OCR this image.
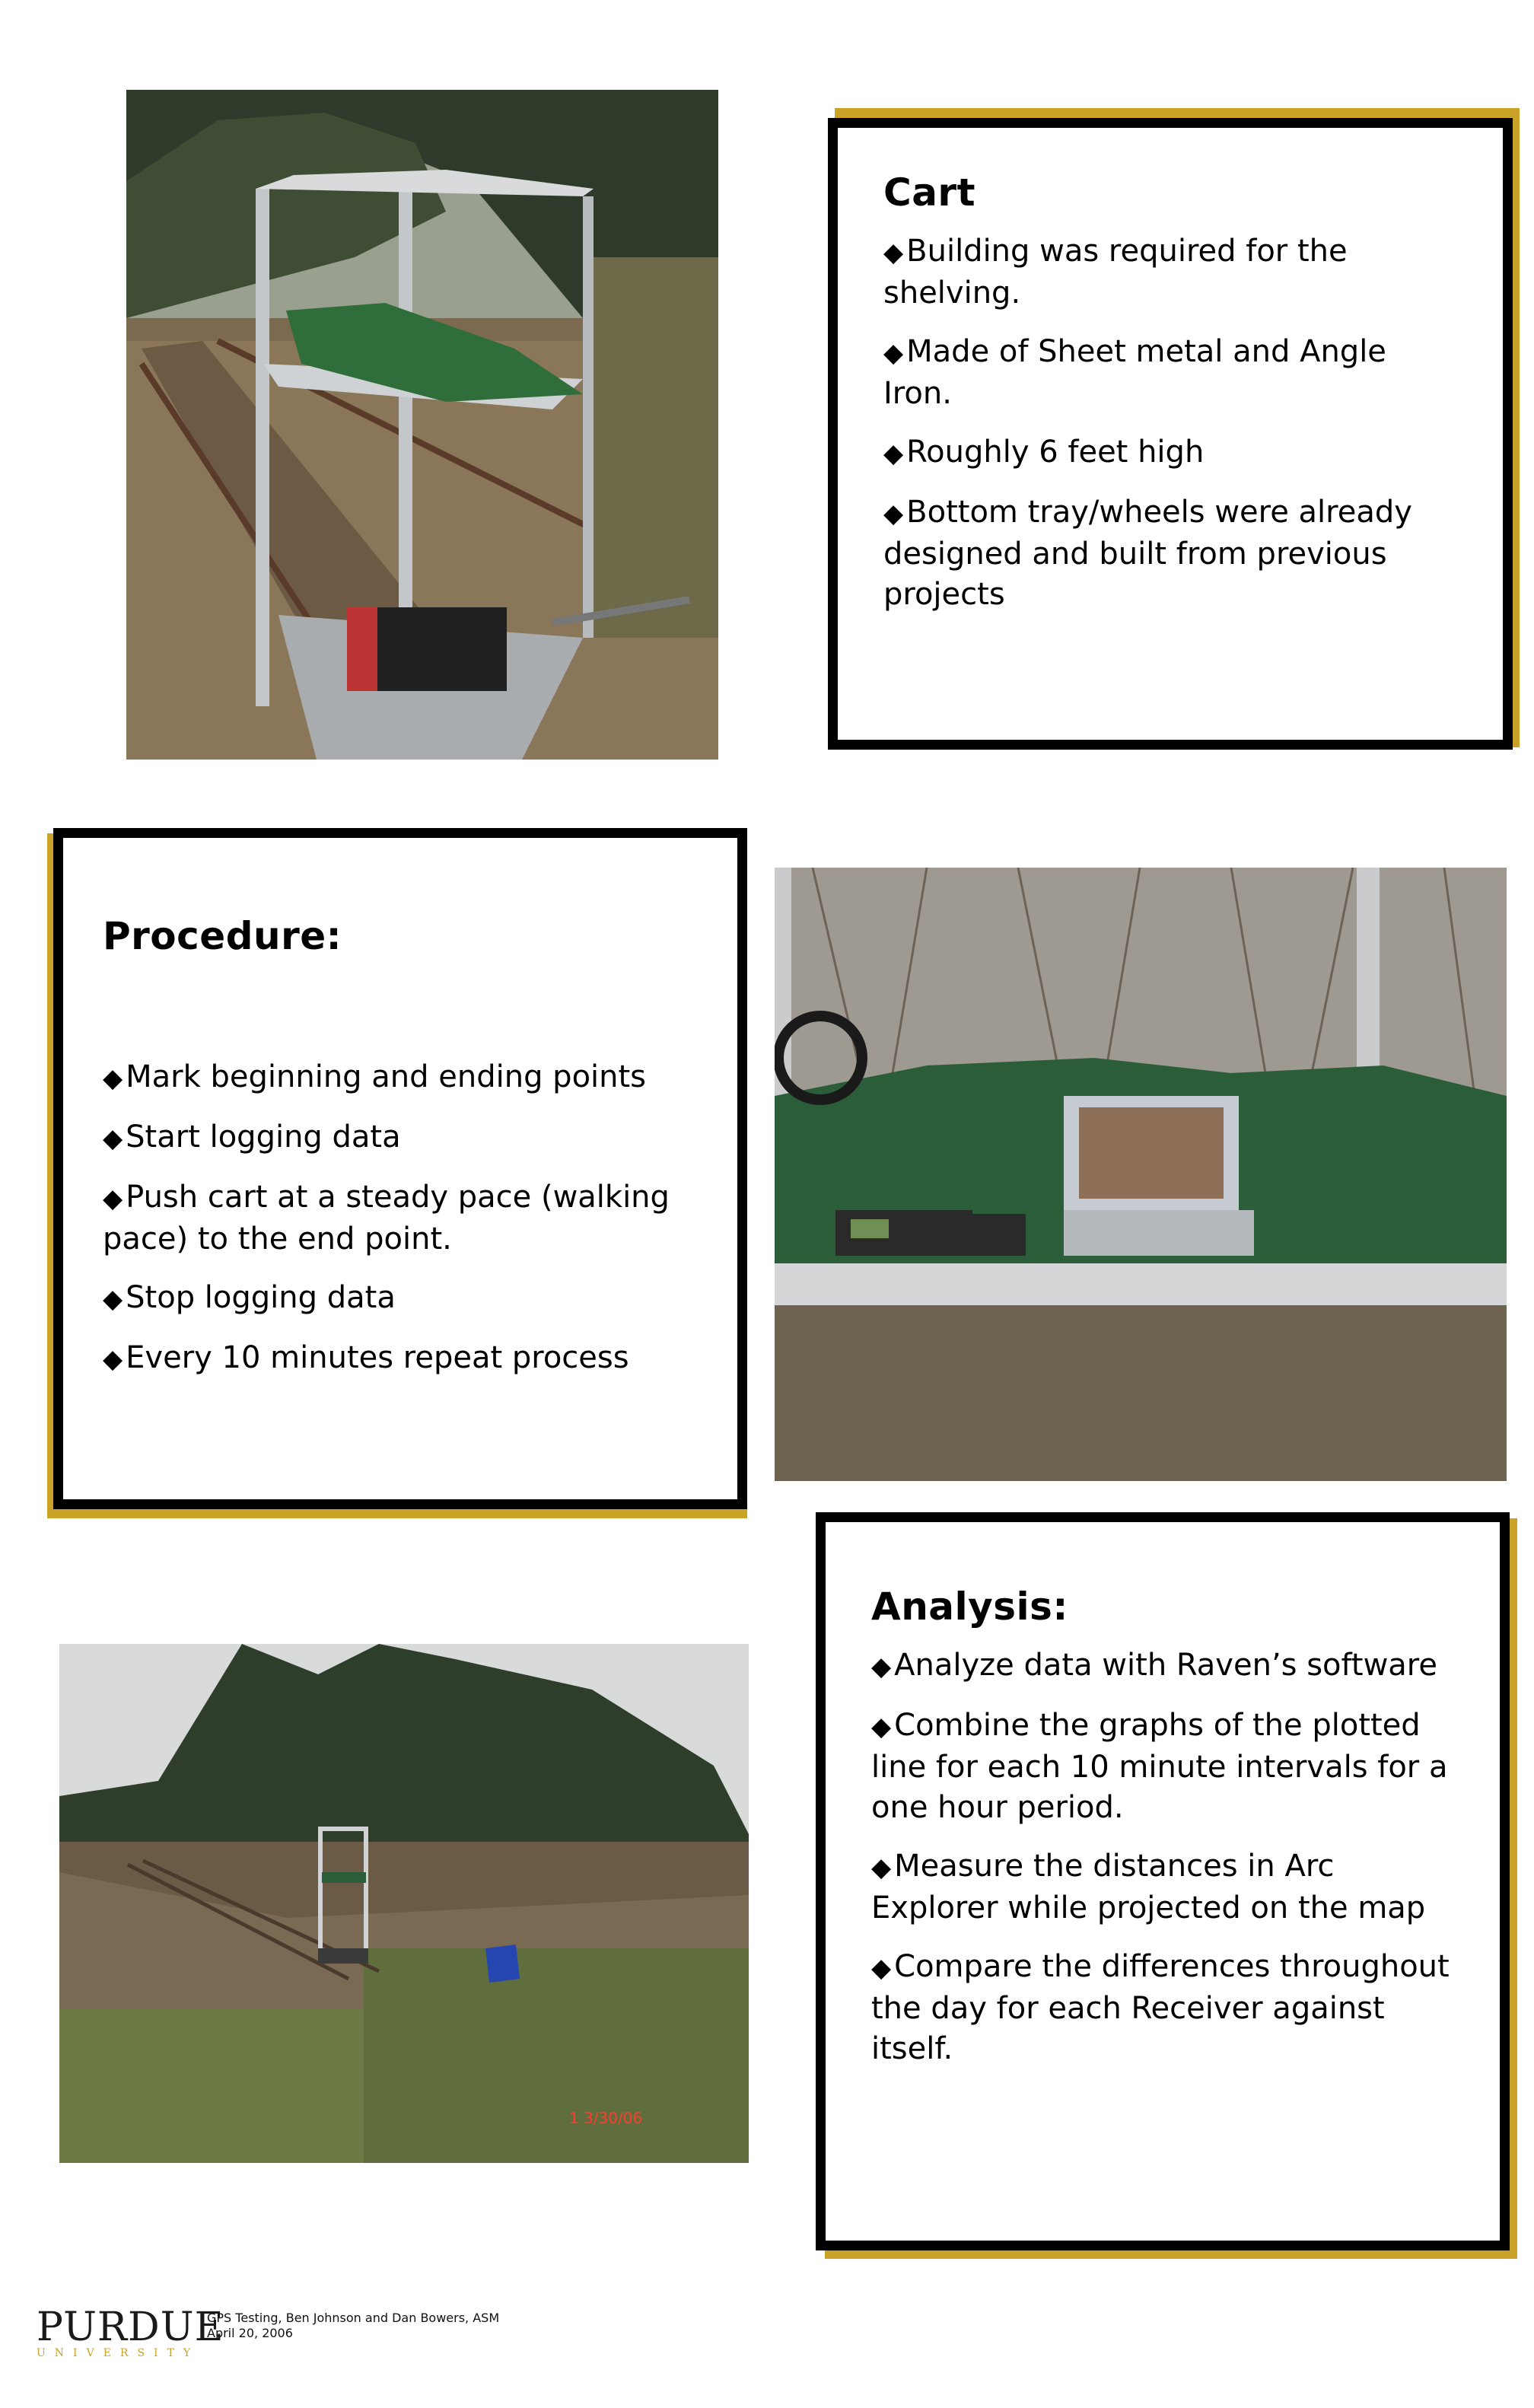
Cart
◆ Building was required for the shelving.
◆ Made of Sheet metal and Angle Iron.
◆ Roughly 6 feet high
◆ Bottom tray/wheels were already designed and built from previous projects
Procedure:
◆ Mark beginning and ending points
◆ Start logging data
◆ Push cart at a steady pace (walking pace) to the end point.
◆ Stop logging data
◆ Every 10 minutes repeat process
1 3/30/06
Analysis:
◆ Analyze data with Raven’s software
◆ Combine the graphs of the plotted line for each 10 minute intervals for a one hour period.
◆ Measure the distances in Arc Explorer while projected on the map
◆ Compare the differences throughout the day for each Receiver against itself.
PURDUE
UNIVERSITY
GPS Testing, Ben Johnson and Dan Bowers, ASM
April 20, 2006
